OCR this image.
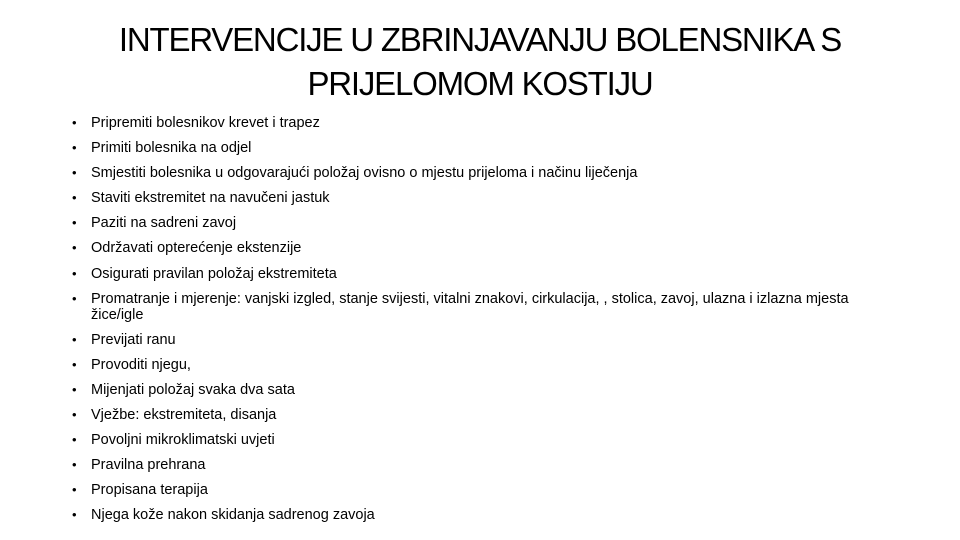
INTERVENCIJE U ZBRINJAVANJU BOLENSNIKA S
PRIJELOMOM KOSTIJU
• Pripremiti bolesnikov krevet i trapez
• Primiti bolesnika na odjel
• Smjestiti bolesnika u odgovarajući položaj ovisno o mjestu prijeloma i načinu liječenja
• Staviti ekstremitet na navučeni jastuk
• Paziti na sadreni zavoj
• Održavati opterećenje ekstenzije
• Osigurati pravilan položaj ekstremiteta
• Promatranje i mjerenje: vanjski izgled, stanje svijesti, vitalni znakovi, cirkulacija, , stolica, zavoj, ulazna i izlazna mjesta žice/igle
• Previjati ranu
• Provoditi njegu,
• Mijenjati položaj svaka dva sata
• Vježbe: ekstremiteta, disanja
• Povoljni mikroklimatski uvjeti
• Pravilna prehrana
• Propisana terapija
• Njega kože nakon skidanja sadrenog zavoja
